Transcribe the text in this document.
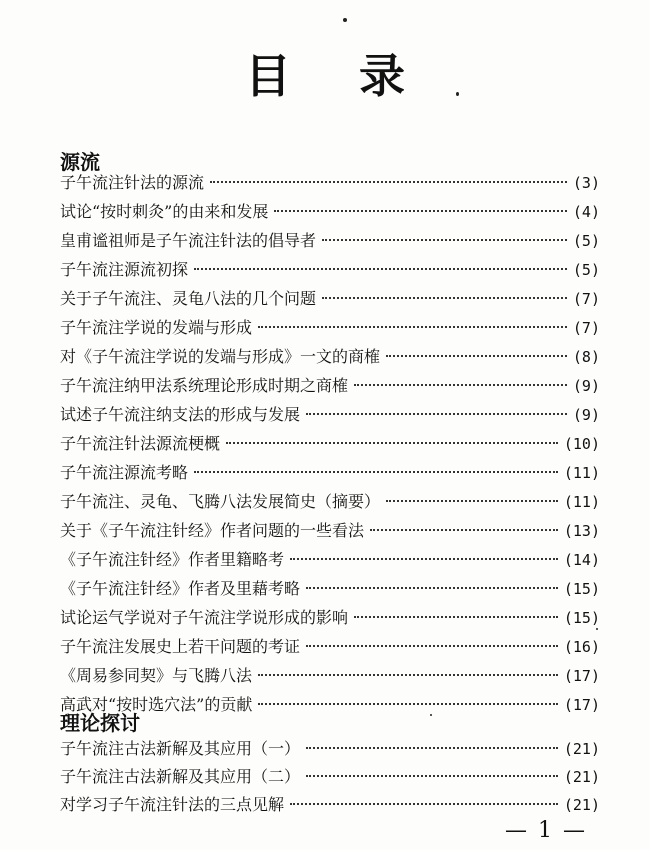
目录
源流
子午流注针法的源流	(3)
试论“按时刺灸”的由来和发展	(4)
皇甫谧祖师是子午流注针法的倡导者	(5)
子午流注源流初探	(5)
关于子午流注、灵龟八法的几个问题	(7)
子午流注学说的发端与形成	(7)
对《子午流注学说的发端与形成》一文的商榷	(8)
子午流注纳甲法系统理论形成时期之商榷	(9)
试述子午流注纳支法的形成与发展	(9)
子午流注针法源流梗概	(10)
子午流注源流考略	(11)
子午流注、灵龟、飞腾八法发展简史（摘要）	(11)
关于《子午流注针经》作者问题的一些看法	(13)
《子午流注针经》作者里籍略考	(14)
《子午流注针经》作者及里藉考略	(15)
试论运气学说对子午流注学说形成的影响	(15)
子午流注发展史上若干问题的考证	(16)
《周易参同契》与飞腾八法	(17)
高武对“按时选穴法”的贡献	(17)
理论探讨
子午流注古法新解及其应用（一）	(21)
子午流注古法新解及其应用（二）	(21)
对学习子午流注针法的三点见解	(21)
— 1 —
